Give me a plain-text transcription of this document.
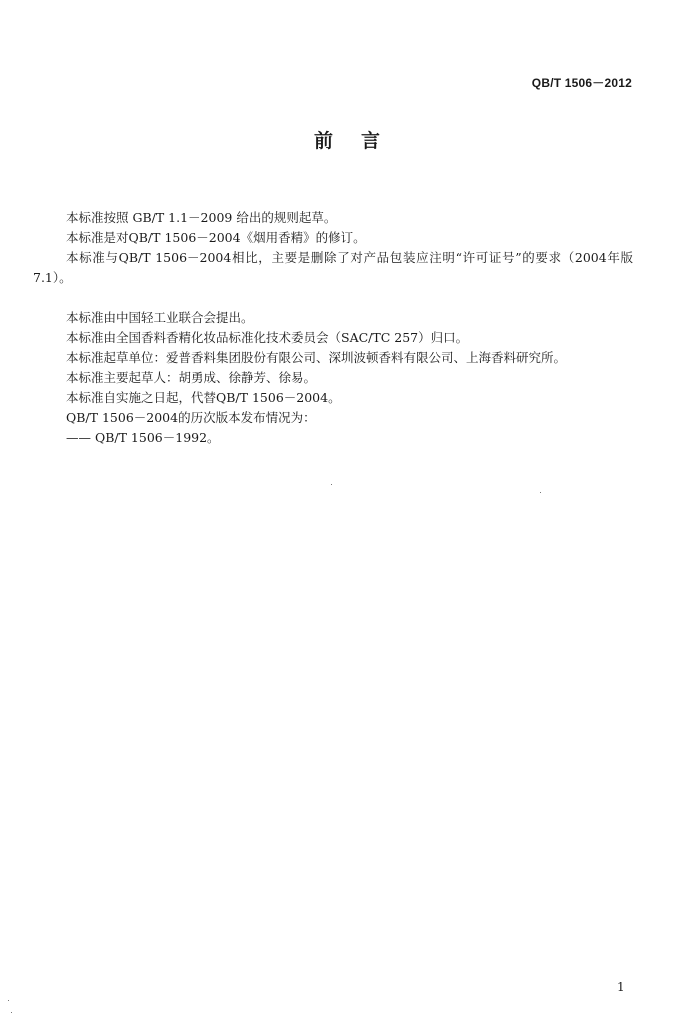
QB/T 1506－2012
前言

本标准按照 GB/T 1.1－2009 给出的规则起草。

本标准是对QB/T 1506－2004《烟用香精》的修订。

本标准与QB/T 1506－2004相比，主要是删除了对产品包装应注明“许可证号”的要求（2004年版7.1）。

本标准由中国轻工业联合会提出。

本标准由全国香料香精化妆品标准化技术委员会（SAC/TC 257）归口。

本标准起草单位：爱普香料集团股份有限公司、深圳波顿香料有限公司、上海香料研究所。

本标准主要起草人：胡勇成、徐静芳、徐易。

本标准自实施之日起，代替QB/T 1506－2004。

QB/T 1506－2004的历次版本发布情况为：

—— QB/T 1506－1992。

1
